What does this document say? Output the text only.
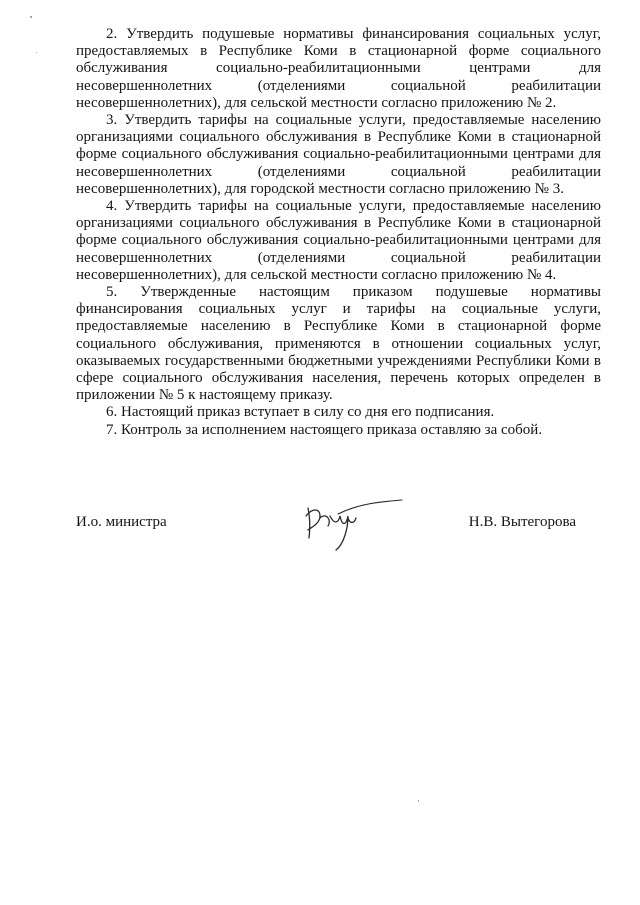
2. Утвердить подушевые нормативы финансирования социальных услуг, предоставляемых в Республике Коми в стационарной форме социального обслуживания социально-реабилитационными центрами для несовершеннолетних (отделениями социальной реабилитации несовершеннолетних), для сельской местности согласно приложению № 2.

3. Утвердить тарифы на социальные услуги, предоставляемые населению организациями социального обслуживания в Республике Коми в стационарной форме социального обслуживания социально-реабилитационными центрами для несовершеннолетних (отделениями социальной реабилитации несовершеннолетних), для городской местности согласно приложению № 3.

4. Утвердить тарифы на социальные услуги, предоставляемые населению организациями социального обслуживания в Республике Коми в стационарной форме социального обслуживания социально-реабилитационными центрами для несовершеннолетних (отделениями социальной реабилитации несовершеннолетних), для сельской местности согласно приложению № 4.

5. Утвержденные настоящим приказом подушевые нормативы финансирования социальных услуг и тарифы на социальные услуги, предоставляемые населению в Республике Коми в стационарной форме социального обслуживания, применяются в отношении социальных услуг, оказываемых государственными бюджетными учреждениями Республики Коми в сфере социального обслуживания населения, перечень которых определен в приложении № 5 к настоящему приказу.

6. Настоящий приказ вступает в силу со дня его подписания.

7. Контроль за исполнением настоящего приказа оставляю за собой.

И.о. министра	Н.В. Вытегорова
